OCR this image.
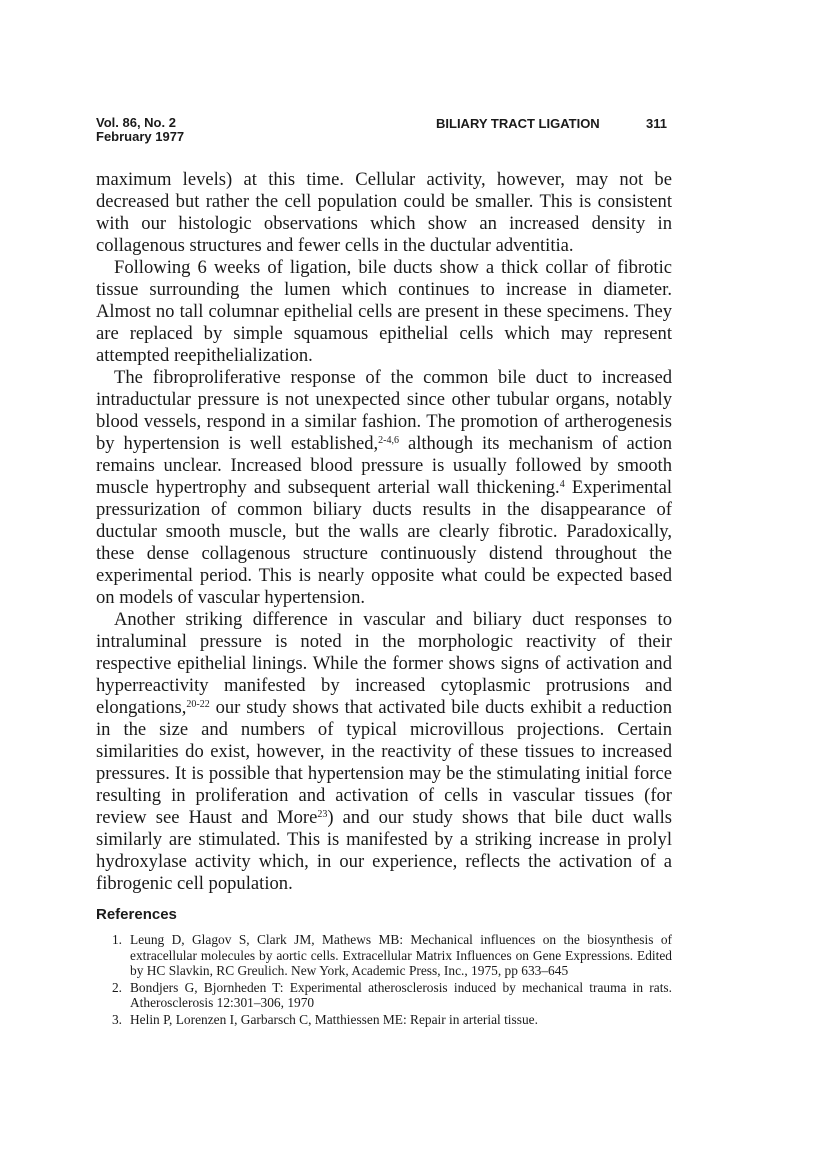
Vol. 86, No. 2
February 1977
BILIARY TRACT LIGATION	311

maximum levels) at this time. Cellular activity, however, may not be decreased but rather the cell population could be smaller. This is consistent with our histologic observations which show an increased density in collagenous structures and fewer cells in the ductular adventitia.

Following 6 weeks of ligation, bile ducts show a thick collar of fibrotic tissue surrounding the lumen which continues to increase in diameter. Almost no tall columnar epithelial cells are present in these specimens. They are replaced by simple squamous epithelial cells which may represent attempted reepithelialization.

The fibroproliferative response of the common bile duct to increased intraductular pressure is not unexpected since other tubular organs, notably blood vessels, respond in a similar fashion. The promotion of artherogenesis by hypertension is well established,$^{2-4,6}$ although its mechanism of action remains unclear. Increased blood pressure is usually followed by smooth muscle hypertrophy and subsequent arterial wall thickening.$^4$ Experimental pressurization of common biliary ducts results in the disappearance of ductular smooth muscle, but the walls are clearly fibrotic. Paradoxically, these dense collagenous structure continuously distend throughout the experimental period. This is nearly opposite what could be expected based on models of vascular hypertension.

Another striking difference in vascular and biliary duct responses to intraluminal pressure is noted in the morphologic reactivity of their respective epithelial linings. While the former shows signs of activation and hyperreactivity manifested by increased cytoplasmic protrusions and elongations,$^{20-22}$ our study shows that activated bile ducts exhibit a reduction in the size and numbers of typical microvillous projections. Certain similarities do exist, however, in the reactivity of these tissues to increased pressures. It is possible that hypertension may be the stimulating initial force resulting in proliferation and activation of cells in vascular tissues (for review see Haust and More$^{23}$) and our study shows that bile duct walls similarly are stimulated. This is manifested by a striking increase in prolyl hydroxylase activity which, in our experience, reflects the activation of a fibrogenic cell population.

References
1. Leung D, Glagov S, Clark JM, Mathews MB: Mechanical influences on the biosynthesis of extracellular molecules by aortic cells. Extracellular Matrix Influences on Gene Expressions. Edited by HC Slavkin, RC Greulich. New York, Academic Press, Inc., 1975, pp 633–645
2. Bondjers G, Bjornheden T: Experimental atherosclerosis induced by mechanical trauma in rats. Atherosclerosis 12:301–306, 1970
3. Helin P, Lorenzen I, Garbarsch C, Matthiessen ME: Repair in arterial tissue.
